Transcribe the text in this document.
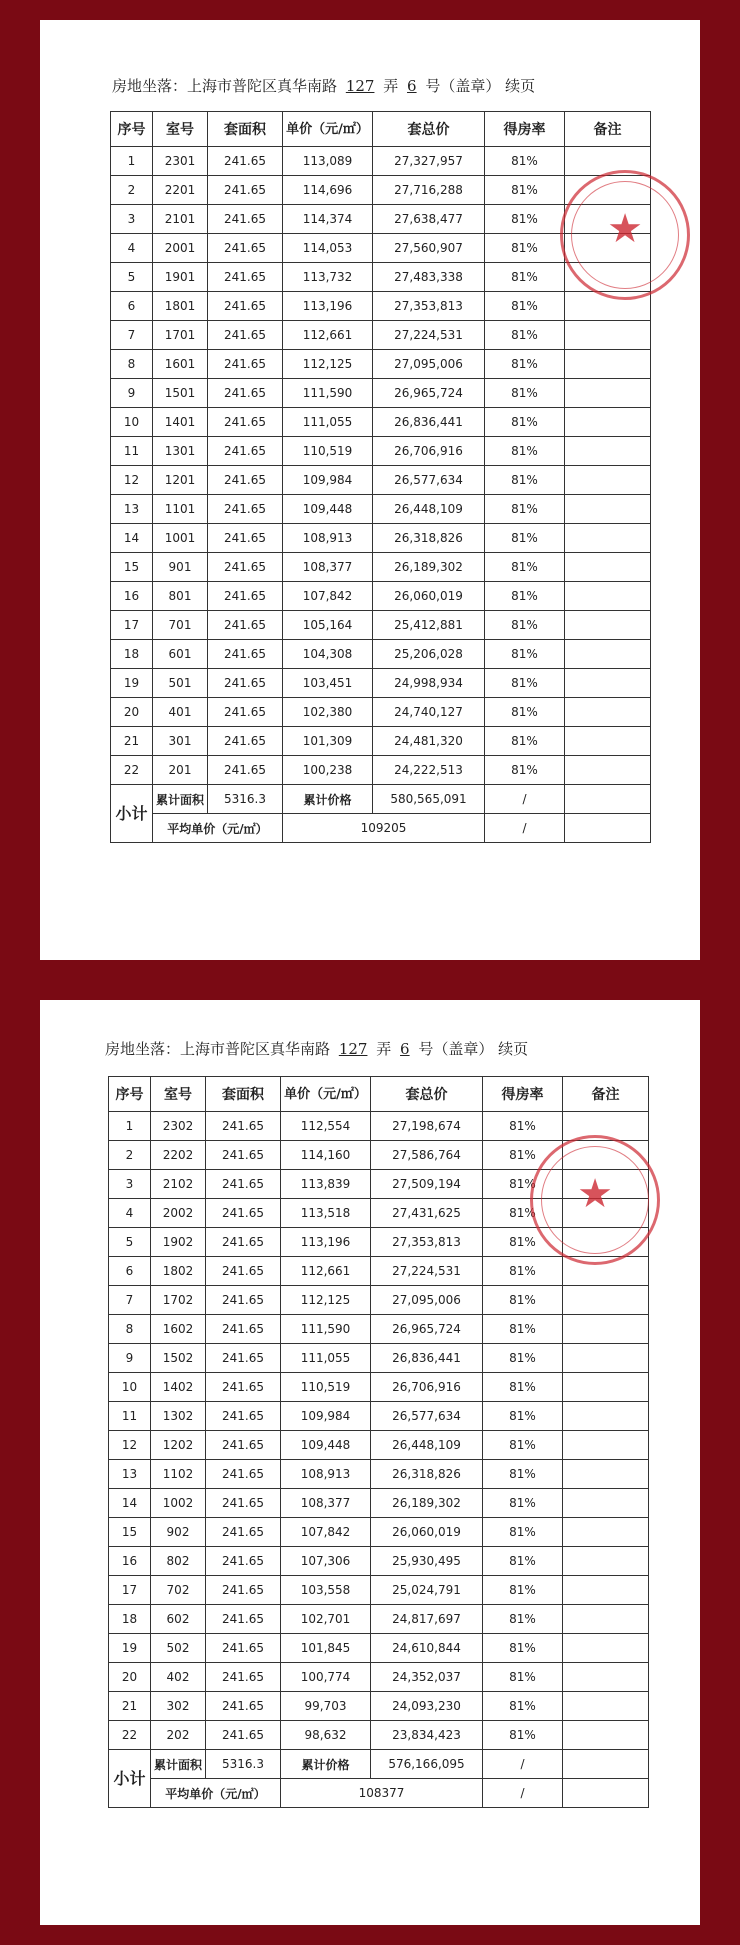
房地坐落：上海市普陀区真华南路 127 弄 6 号（盖章） 续页
序号	室号	套面积	单价（元/㎡）	套总价	得房率	备注
1	2301	241.65	113,089	27,327,957	81%	
2	2201	241.65	114,696	27,716,288	81%	
3	2101	241.65	114,374	27,638,477	81%	
4	2001	241.65	114,053	27,560,907	81%	
5	1901	241.65	113,732	27,483,338	81%	
6	1801	241.65	113,196	27,353,813	81%	
7	1701	241.65	112,661	27,224,531	81%	
8	1601	241.65	112,125	27,095,006	81%	
9	1501	241.65	111,590	26,965,724	81%	
10	1401	241.65	111,055	26,836,441	81%	
11	1301	241.65	110,519	26,706,916	81%	
12	1201	241.65	109,984	26,577,634	81%	
13	1101	241.65	109,448	26,448,109	81%	
14	1001	241.65	108,913	26,318,826	81%	
15	901	241.65	108,377	26,189,302	81%	
16	801	241.65	107,842	26,060,019	81%	
17	701	241.65	105,164	25,412,881	81%	
18	601	241.65	104,308	25,206,028	81%	
19	501	241.65	103,451	24,998,934	81%	
20	401	241.65	102,380	24,740,127	81%	
21	301	241.65	101,309	24,481,320	81%	
22	201	241.65	100,238	24,222,513	81%	
小计	累计面积	5316.3	累计价格	580,565,091	/	
	平均单价（元/㎡）		109205		/	
★
房地坐落：上海市普陀区真华南路 127 弄 6 号（盖章） 续页
序号	室号	套面积	单价（元/㎡）	套总价	得房率	备注
1	2302	241.65	112,554	27,198,674	81%	
2	2202	241.65	114,160	27,586,764	81%	
3	2102	241.65	113,839	27,509,194	81%	
4	2002	241.65	113,518	27,431,625	81%	
5	1902	241.65	113,196	27,353,813	81%	
6	1802	241.65	112,661	27,224,531	81%	
7	1702	241.65	112,125	27,095,006	81%	
8	1602	241.65	111,590	26,965,724	81%	
9	1502	241.65	111,055	26,836,441	81%	
10	1402	241.65	110,519	26,706,916	81%	
11	1302	241.65	109,984	26,577,634	81%	
12	1202	241.65	109,448	26,448,109	81%	
13	1102	241.65	108,913	26,318,826	81%	
14	1002	241.65	108,377	26,189,302	81%	
15	902	241.65	107,842	26,060,019	81%	
16	802	241.65	107,306	25,930,495	81%	
17	702	241.65	103,558	25,024,791	81%	
18	602	241.65	102,701	24,817,697	81%	
19	502	241.65	101,845	24,610,844	81%	
20	402	241.65	100,774	24,352,037	81%	
21	302	241.65	99,703	24,093,230	81%	
22	202	241.65	98,632	23,834,423	81%	
小计	累计面积	5316.3	累计价格	576,166,095	/	
	平均单价（元/㎡）		108377		/	
★
